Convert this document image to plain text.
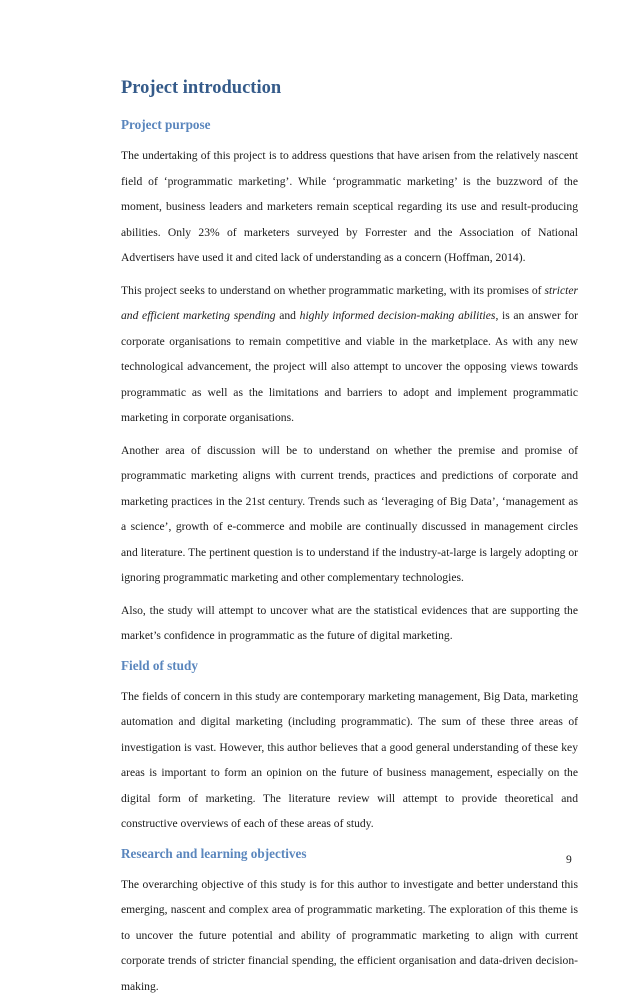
Project introduction
Project purpose

The undertaking of this project is to address questions that have arisen from the relatively nascent field of ‘programmatic marketing’. While ‘programmatic marketing’ is the buzzword of the moment, business leaders and marketers remain sceptical regarding its use and result-producing abilities. Only 23% of marketers surveyed by Forrester and the Association of National Advertisers have used it and cited lack of understanding as a concern (Hoffman, 2014).

This project seeks to understand on whether programmatic marketing, with its promises of stricter and efficient marketing spending and highly informed decision-making abilities, is an answer for corporate organisations to remain competitive and viable in the marketplace. As with any new technological advancement, the project will also attempt to uncover the opposing views towards programmatic as well as the limitations and barriers to adopt and implement programmatic marketing in corporate organisations.

Another area of discussion will be to understand on whether the premise and promise of programmatic marketing aligns with current trends, practices and predictions of corporate and marketing practices in the 21st century. Trends such as ‘leveraging of Big Data’, ‘management as a science’, growth of e-commerce and mobile are continually discussed in management circles and literature. The pertinent question is to understand if the industry-at-large is largely adopting or ignoring programmatic marketing and other complementary technologies.

Also, the study will attempt to uncover what are the statistical evidences that are supporting the market’s confidence in programmatic as the future of digital marketing.

Field of study

The fields of concern in this study are contemporary marketing management, Big Data, marketing automation and digital marketing (including programmatic). The sum of these three areas of investigation is vast. However, this author believes that a good general understanding of these key areas is important to form an opinion on the future of business management, especially on the digital form of marketing. The literature review will attempt to provide theoretical and constructive overviews of each of these areas of study.

Research and learning objectives

The overarching objective of this study is for this author to investigate and better understand this emerging, nascent and complex area of programmatic marketing. The exploration of this theme is to uncover the future potential and ability of programmatic marketing to align with current corporate trends of stricter financial spending, the efficient organisation and data-driven decision-making.

9
